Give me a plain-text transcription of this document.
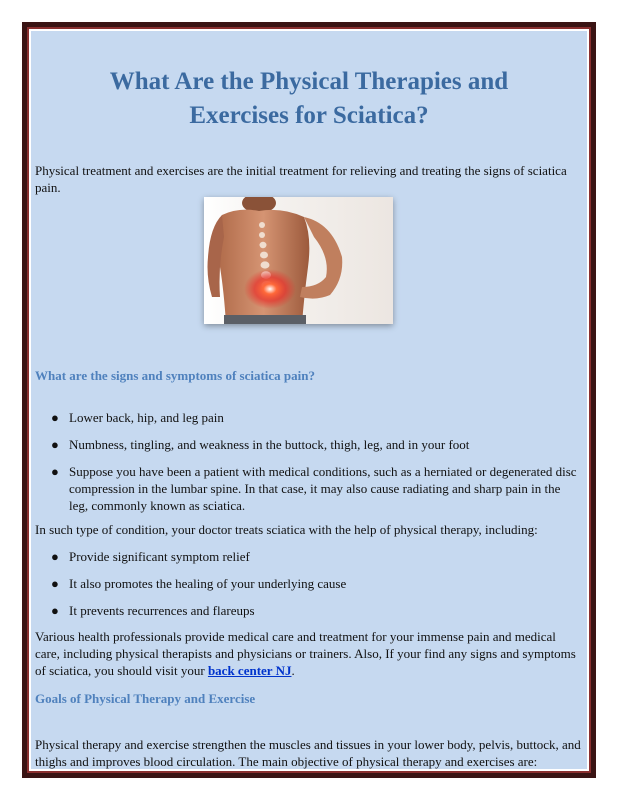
What Are the Physical Therapies and
Exercises for Sciatica?
Physical treatment and exercises are the initial treatment for relieving and treating the signs of sciatica pain.
What are the signs and symptoms of sciatica pain?
● Lower back, hip, and leg pain
● Numbness, tingling, and weakness in the buttock, thigh, leg, and in your foot
● Suppose you have been a patient with medical conditions, such as a herniated or degenerated disc compression in the lumbar spine. In that case, it may also cause radiating and sharp pain in the leg, commonly known as sciatica.
In such type of condition, your doctor treats sciatica with the help of physical therapy, including:
● Provide significant symptom relief
● It also promotes the healing of your underlying cause
● It prevents recurrences and flareups
Various health professionals provide medical care and treatment for your immense pain and medical care, including physical therapists and physicians or trainers. Also, If your find any signs and symptoms of sciatica, you should visit your back center NJ.
Goals of Physical Therapy and Exercise
Physical therapy and exercise strengthen the muscles and tissues in your lower body, pelvis, buttock, and thighs and improves blood circulation. The main objective of physical therapy and exercises are:
